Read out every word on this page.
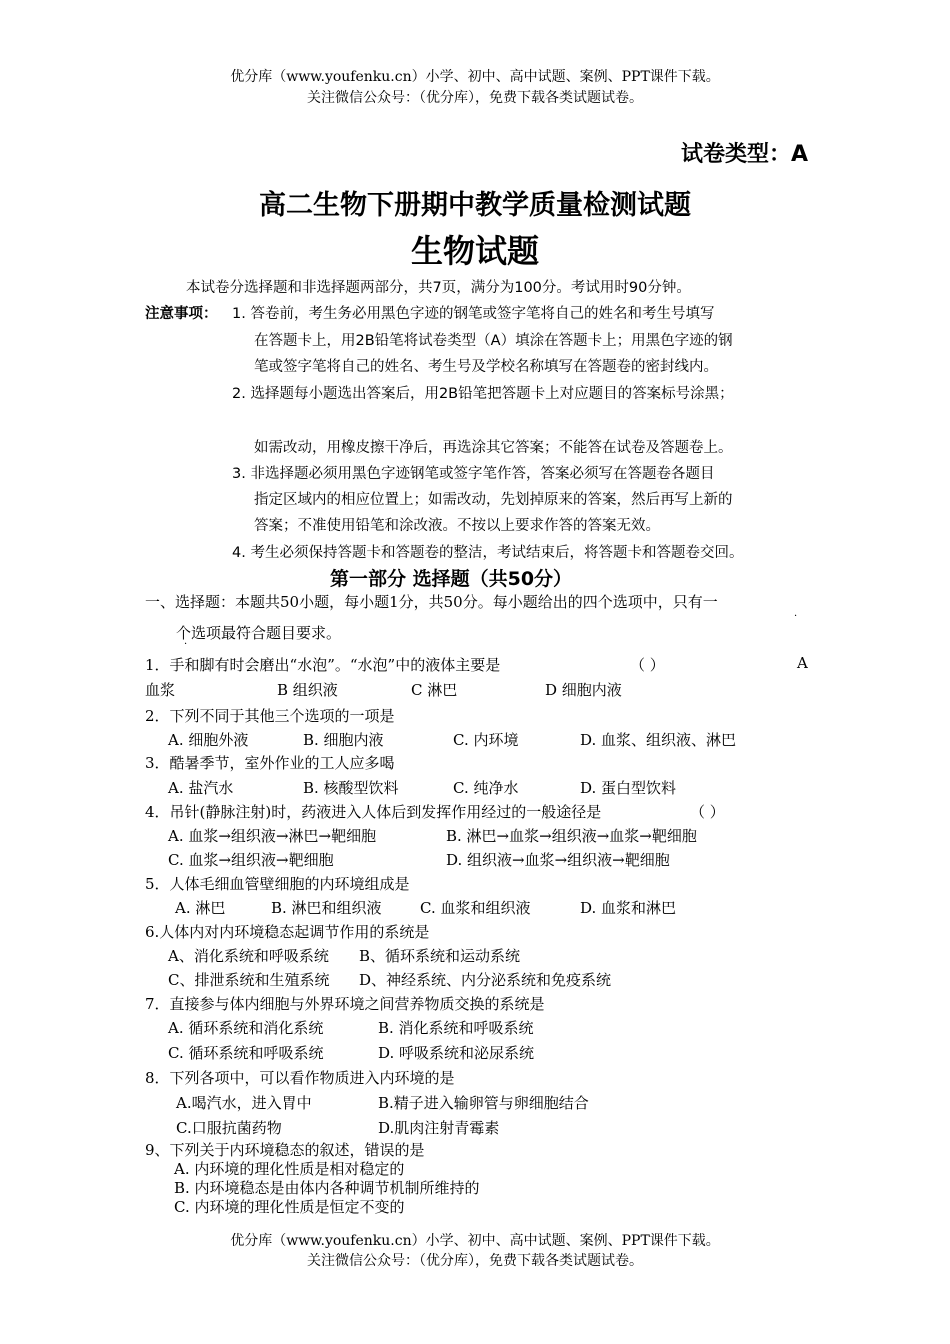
优分库（www.youfenku.cn）小学、初中、高中试题、案例、PPT课件下载。
关注微信公众号：（优分库），免费下载各类试题试卷。
试卷类型：A
高二生物下册期中教学质量检测试题
生物试题
本试卷分选择题和非选择题两部分，共7页，满分为100分。考试用时90分钟。
注意事项： 1. 答卷前，考生务必用黑色字迹的钢笔或签字笔将自己的姓名和考生号填写
在答题卡上，用2B铅笔将试卷类型（A）填涂在答题卡上；用黑色字迹的钢
笔或签字笔将自己的姓名、考生号及学校名称填写在答题卷的密封线内。
2. 选择题每小题选出答案后，用2B铅笔把答题卡上对应题目的答案标号涂黑；
如需改动，用橡皮擦干净后，再选涂其它答案；不能答在试卷及答题卷上。
3. 非选择题必须用黑色字迹钢笔或签字笔作答，答案必须写在答题卷各题目
指定区域内的相应位置上；如需改动，先划掉原来的答案，然后再写上新的
答案；不准使用铅笔和涂改液。不按以上要求作答的答案无效。
4. 考生必须保持答题卡和答题卷的整洁，考试结束后，将答题卡和答题卷交回。
第一部分 选择题（共50分）
一、选择题：本题共50小题，每小题1分，共50分。每小题给出的四个选项中，只有一
·
个选项最符合题目要求。
·
1．手和脚有时会磨出“水泡”。“水泡”中的液体主要是	（ ）	A
血浆	B 组织液	C 淋巴	D 细胞内液
2．下列不同于其他三个选项的一项是
A. 细胞外液	B. 细胞内液	C. 内环境	D. 血浆、组织液、淋巴
3．酷暑季节，室外作业的工人应多喝
A. 盐汽水	B. 核酸型饮料	C. 纯净水	D. 蛋白型饮料
4．吊针(静脉注射)时，药液进入人体后到发挥作用经过的一般途径是	（ ）
A. 血浆→组织液→淋巴→靶细胞	B. 淋巴→血浆→组织液→血浆→靶细胞
C. 血浆→组织液→靶细胞	D. 组织液→血浆→组织液→靶细胞
5．人体毛细血管壁细胞的内环境组成是
A. 淋巴	B. 淋巴和组织液	C. 血浆和组织液	D. 血浆和淋巴
6.人体内对内环境稳态起调节作用的系统是
A、消化系统和呼吸系统 B、循环系统和运动系统
C、排泄系统和生殖系统 D、神经系统、内分泌系统和免疫系统
7．直接参与体内细胞与外界环境之间营养物质交换的系统是
A. 循环系统和消化系统	B. 消化系统和呼吸系统
C. 循环系统和呼吸系统	D. 呼吸系统和泌尿系统
8．下列各项中，可以看作物质进入内环境的是
A.喝汽水，进入胃中	B.精子进入输卵管与卵细胞结合
C.口服抗菌药物	D.肌肉注射青霉素
9、下列关于内环境稳态的叙述，错误的是
A. 内环境的理化性质是相对稳定的
B. 内环境稳态是由体内各种调节机制所维持的
C. 内环境的理化性质是恒定不变的
优分库（www.youfenku.cn）小学、初中、高中试题、案例、PPT课件下载。
关注微信公众号：（优分库），免费下载各类试题试卷。
